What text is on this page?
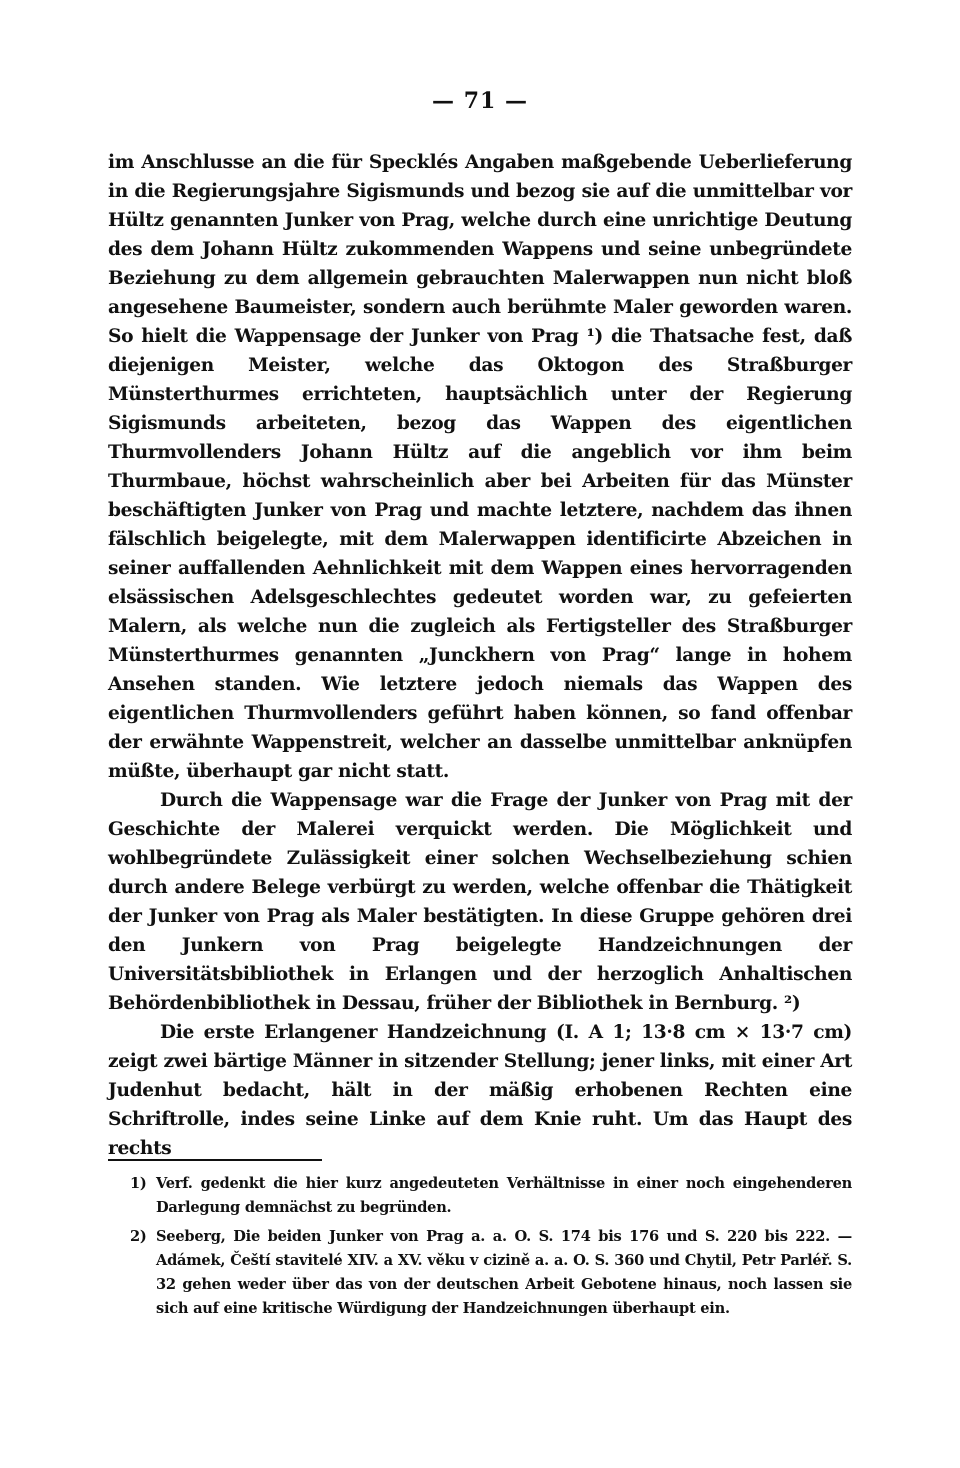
— 71 —

im Anschlusse an die für Specklés Angaben maßgebende Ueberlieferung in die Regierungsjahre Sigismunds und bezog sie auf die unmittelbar vor Hültz genannten Junker von Prag, welche durch eine unrichtige Deutung des dem Johann Hültz zukommenden Wappens und seine unbegründete Beziehung zu dem allgemein gebrauchten Malerwappen nun nicht bloß angesehene Baumeister, sondern auch berühmte Maler geworden waren. So hielt die Wappensage der Junker von Prag ¹) die Thatsache fest, daß diejenigen Meister, welche das Oktogon des Straßburger Münsterthurmes errichteten, hauptsächlich unter der Regierung Sigismunds arbeiteten, bezog das Wappen des eigentlichen Thurmvollenders Johann Hültz auf die angeblich vor ihm beim Thurmbaue, höchst wahrscheinlich aber bei Arbeiten für das Münster beschäftigten Junker von Prag und machte letztere, nachdem das ihnen fälschlich beigelegte, mit dem Malerwappen identificirte Abzeichen in seiner auffallenden Aehnlichkeit mit dem Wappen eines hervorragenden elsässischen Adelsgeschlechtes gedeutet worden war, zu gefeierten Malern, als welche nun die zugleich als Fertigsteller des Straßburger Münsterthurmes genannten „Junckhern von Prag“ lange in hohem Ansehen standen. Wie letztere jedoch niemals das Wappen des eigentlichen Thurmvollenders geführt haben können, so fand offenbar der erwähnte Wappenstreit, welcher an dasselbe unmittelbar anknüpfen müßte, überhaupt gar nicht statt.

Durch die Wappensage war die Frage der Junker von Prag mit der Geschichte der Malerei verquickt werden. Die Möglichkeit und wohlbegründete Zulässigkeit einer solchen Wechselbeziehung schien durch andere Belege verbürgt zu werden, welche offenbar die Thätigkeit der Junker von Prag als Maler bestätigten. In diese Gruppe gehören drei den Junkern von Prag beigelegte Handzeichnungen der Universitätsbibliothek in Erlangen und der herzoglich Anhaltischen Behördenbibliothek in Dessau, früher der Bibliothek in Bernburg. ²)

Die erste Erlangener Handzeichnung (I. A 1; 13·8 cm × 13·7 cm) zeigt zwei bärtige Männer in sitzender Stellung; jener links, mit einer Art Judenhut bedacht, hält in der mäßig erhobenen Rechten eine Schriftrolle, indes seine Linke auf dem Knie ruht. Um das Haupt des rechts

1) Verf. gedenkt die hier kurz angedeuteten Verhältnisse in einer noch eingehenderen Darlegung demnächst zu begründen.

2) Seeberg, Die beiden Junker von Prag a. a. O. S. 174 bis 176 und S. 220 bis 222. — Adámek, Čeští stavitelé XIV. a XV. věku v cizině a. a. O. S. 360 und Chytil, Petr Parléř. S. 32 gehen weder über das von der deutschen Arbeit Gebotene hinaus, noch lassen sie sich auf eine kritische Würdigung der Handzeichnungen überhaupt ein.
